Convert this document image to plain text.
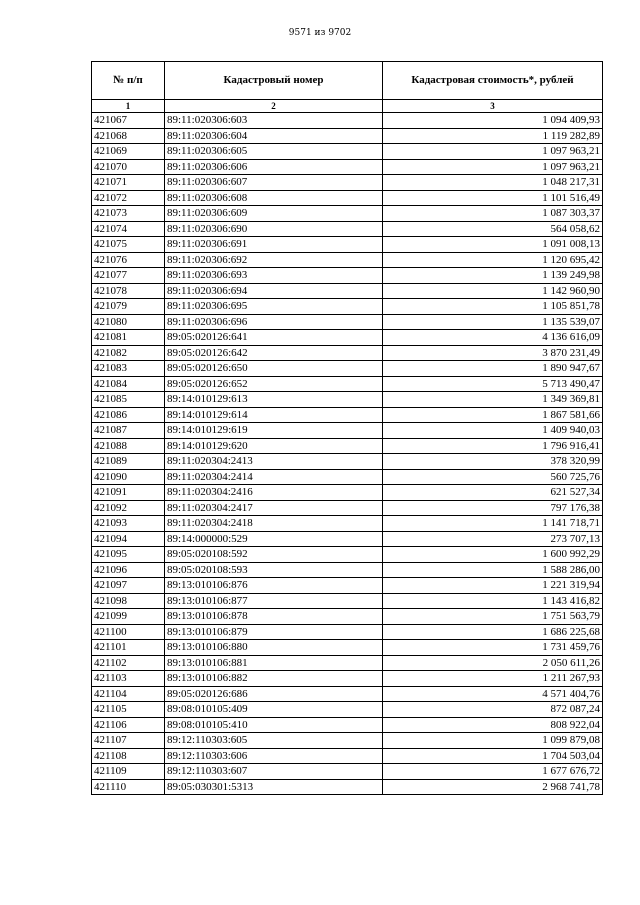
9571 из 9702
№ п/п	Кадастровый номер	Кадастровая стоимость*, рублей
1	2	3
421067	89:11:020306:603	1 094 409,93
421068	89:11:020306:604	1 119 282,89
421069	89:11:020306:605	1 097 963,21
421070	89:11:020306:606	1 097 963,21
421071	89:11:020306:607	1 048 217,31
421072	89:11:020306:608	1 101 516,49
421073	89:11:020306:609	1 087 303,37
421074	89:11:020306:690	564 058,62
421075	89:11:020306:691	1 091 008,13
421076	89:11:020306:692	1 120 695,42
421077	89:11:020306:693	1 139 249,98
421078	89:11:020306:694	1 142 960,90
421079	89:11:020306:695	1 105 851,78
421080	89:11:020306:696	1 135 539,07
421081	89:05:020126:641	4 136 616,09
421082	89:05:020126:642	3 870 231,49
421083	89:05:020126:650	1 890 947,67
421084	89:05:020126:652	5 713 490,47
421085	89:14:010129:613	1 349 369,81
421086	89:14:010129:614	1 867 581,66
421087	89:14:010129:619	1 409 940,03
421088	89:14:010129:620	1 796 916,41
421089	89:11:020304:2413	378 320,99
421090	89:11:020304:2414	560 725,76
421091	89:11:020304:2416	621 527,34
421092	89:11:020304:2417	797 176,38
421093	89:11:020304:2418	1 141 718,71
421094	89:14:000000:529	273 707,13
421095	89:05:020108:592	1 600 992,29
421096	89:05:020108:593	1 588 286,00
421097	89:13:010106:876	1 221 319,94
421098	89:13:010106:877	1 143 416,82
421099	89:13:010106:878	1 751 563,79
421100	89:13:010106:879	1 686 225,68
421101	89:13:010106:880	1 731 459,76
421102	89:13:010106:881	2 050 611,26
421103	89:13:010106:882	1 211 267,93
421104	89:05:020126:686	4 571 404,76
421105	89:08:010105:409	872 087,24
421106	89:08:010105:410	808 922,04
421107	89:12:110303:605	1 099 879,08
421108	89:12:110303:606	1 704 503,04
421109	89:12:110303:607	1 677 676,72
421110	89:05:030301:5313	2 968 741,78
